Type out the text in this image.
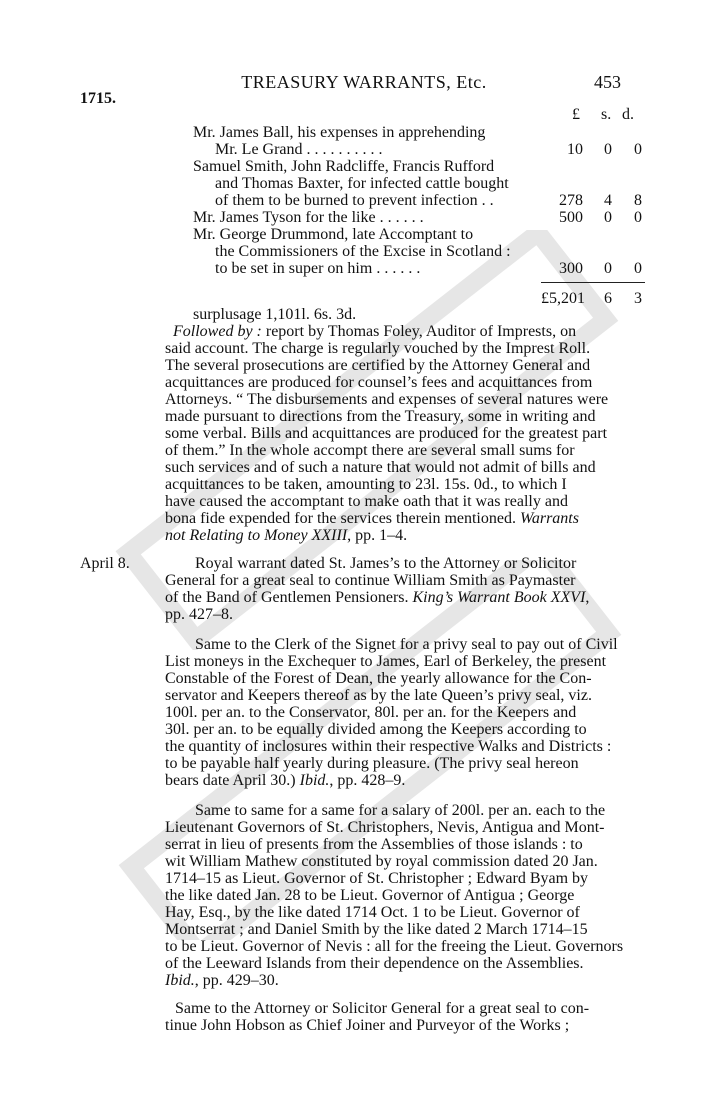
TREASURY WARRANTS, Etc.	453
1715.
£ s. d.
Mr. James Ball, his expenses in apprehending
Mr. Le Grand . . . . . . . . . .	10	0	0
Samuel Smith, John Radcliffe, Francis Rufford
and Thomas Baxter, for infected cattle bought
of them to be burned to prevent infection . .	278	4	8
Mr. James Tyson for the like . . . . . .	500	0	0
Mr. George Drummond, late Accomptant to
the Commissioners of the Excise in Scotland :
to be set in super on him . . . . . .	300	0	0
£5,201	6	3
surplusage 1,101l. 6s. 3d.
Followed by : report by Thomas Foley, Auditor of Imprests, on
said account. The charge is regularly vouched by the Imprest Roll.
The several prosecutions are certified by the Attorney General and
acquittances are produced for counsel’s fees and acquittances from
Attorneys. “ The disbursements and expenses of several natures were
made pursuant to directions from the Treasury, some in writing and
some verbal. Bills and acquittances are produced for the greatest part
of them.” In the whole accompt there are several small sums for
such services and of such a nature that would not admit of bills and
acquittances to be taken, amounting to 23l. 15s. 0d., to which I
have caused the accomptant to make oath that it was really and
bona fide expended for the services therein mentioned. Warrants
not Relating to Money XXIII, pp. 1–4.
April 8.	Royal warrant dated St. James’s to the Attorney or Solicitor
General for a great seal to continue William Smith as Paymaster
of the Band of Gentlemen Pensioners. King’s Warrant Book XXVI,
pp. 427–8.
Same to the Clerk of the Signet for a privy seal to pay out of Civil
List moneys in the Exchequer to James, Earl of Berkeley, the present
Constable of the Forest of Dean, the yearly allowance for the Con-
servator and Keepers thereof as by the late Queen’s privy seal, viz.
100l. per an. to the Conservator, 80l. per an. for the Keepers and
30l. per an. to be equally divided among the Keepers according to
the quantity of inclosures within their respective Walks and Districts :
to be payable half yearly during pleasure. (The privy seal hereon
bears date April 30.) Ibid., pp. 428–9.
Same to same for a same for a salary of 200l. per an. each to the
Lieutenant Governors of St. Christophers, Nevis, Antigua and Mont-
serrat in lieu of presents from the Assemblies of those islands : to
wit William Mathew constituted by royal commission dated 20 Jan.
1714–15 as Lieut. Governor of St. Christopher ; Edward Byam by
the like dated Jan. 28 to be Lieut. Governor of Antigua ; George
Hay, Esq., by the like dated 1714 Oct. 1 to be Lieut. Governor of
Montserrat ; and Daniel Smith by the like dated 2 March 1714–15
to be Lieut. Governor of Nevis : all for the freeing the Lieut. Governors
of the Leeward Islands from their dependence on the Assemblies.
Ibid., pp. 429–30.
Same to the Attorney or Solicitor General for a great seal to con-
tinue John Hobson as Chief Joiner and Purveyor of the Works ;
